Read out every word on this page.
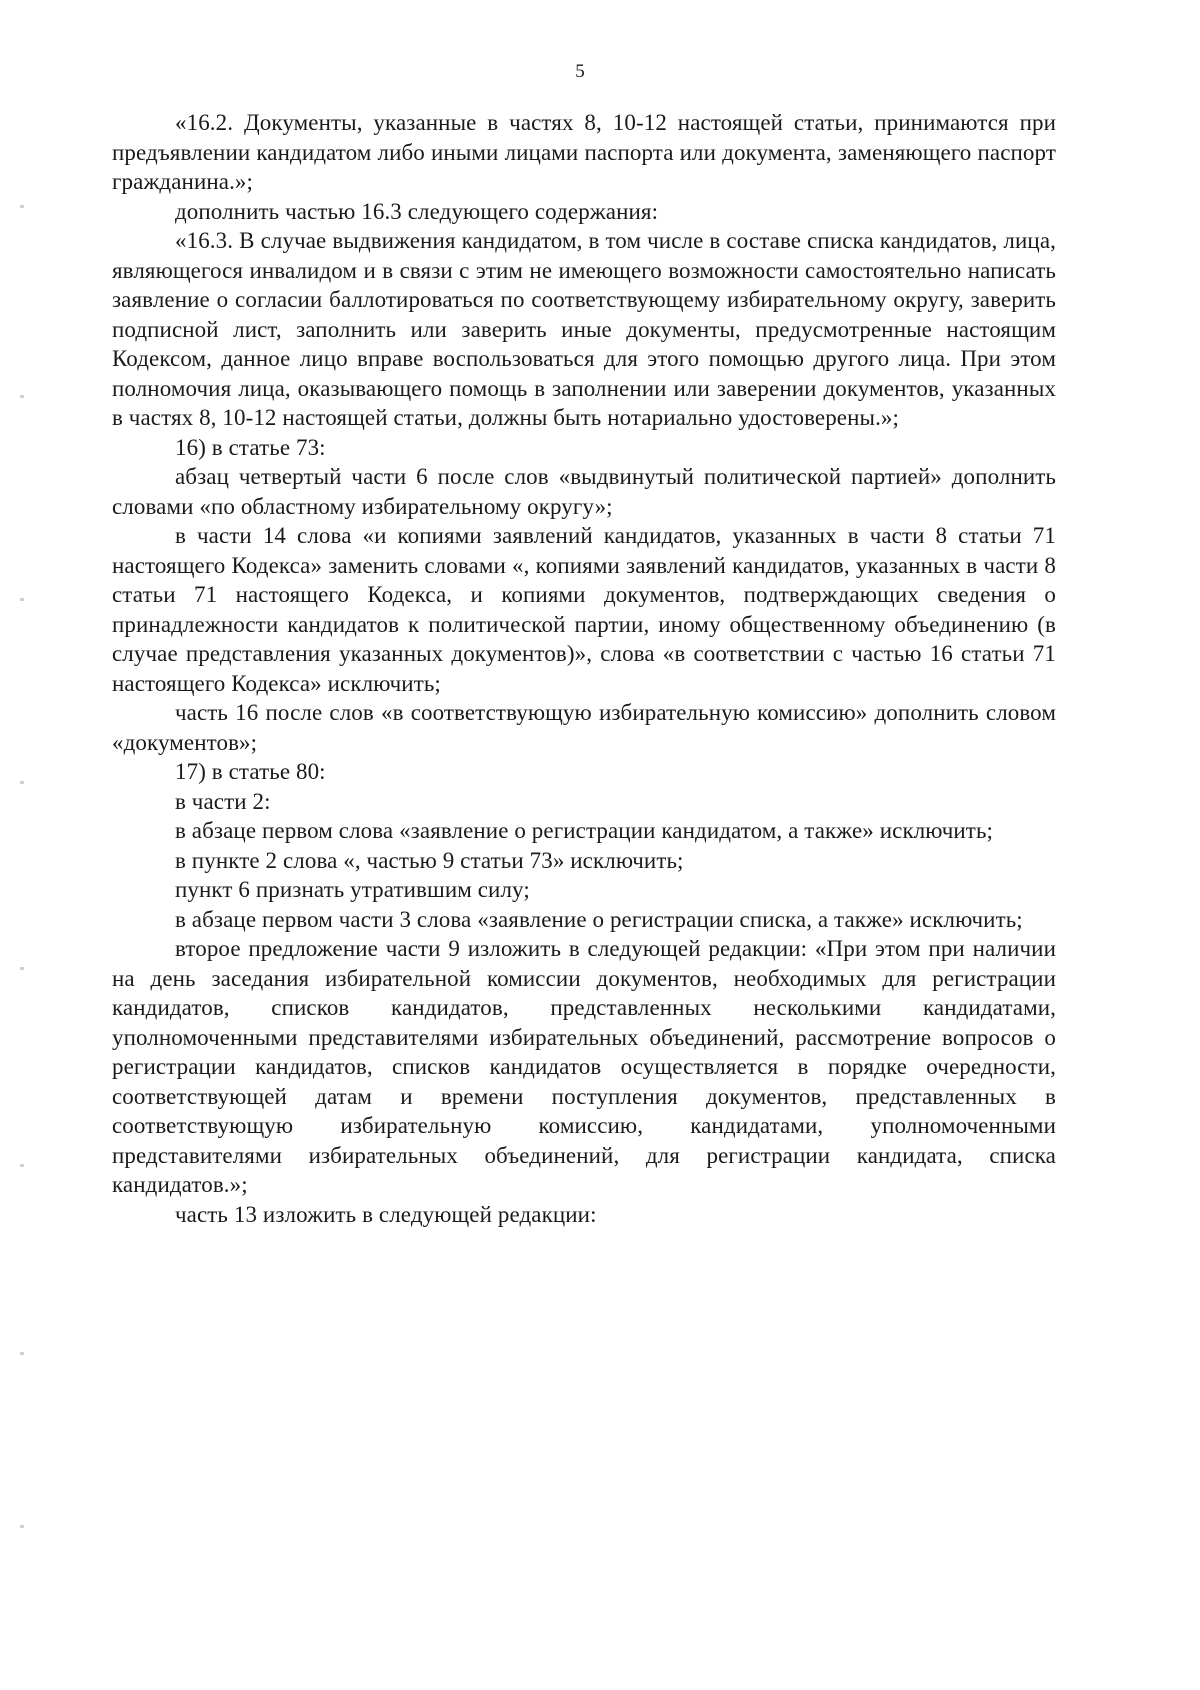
5

«16.2. Документы, указанные в частях 8, 10-12 настоящей статьи, принимаются при предъявлении кандидатом либо иными лицами паспорта или документа, заменяющего паспорт гражданина.»;

дополнить частью 16.3 следующего содержания:

«16.3. В случае выдвижения кандидатом, в том числе в составе списка кандидатов, лица, являющегося инвалидом и в связи с этим не имеющего возможности самостоятельно написать заявление о согласии баллотироваться по соответствующему избирательному округу, заверить подписной лист, заполнить или заверить иные документы, предусмотренные настоящим Кодексом, данное лицо вправе воспользоваться для этого помощью другого лица. При этом полномочия лица, оказывающего помощь в заполнении или заверении документов, указанных в частях 8, 10-12 настоящей статьи, должны быть нотариально удостоверены.»;

16) в статье 73:

абзац четвертый части 6 после слов «выдвинутый политической партией» дополнить словами «по областному избирательному округу»;

в части 14 слова «и копиями заявлений кандидатов, указанных в части 8 статьи 71 настоящего Кодекса» заменить словами «, копиями заявлений кандидатов, указанных в части 8 статьи 71 настоящего Кодекса, и копиями документов, подтверждающих сведения о принадлежности кандидатов к политической партии, иному общественному объединению (в случае представления указанных документов)», слова «в соответствии с частью 16 статьи 71 настоящего Кодекса» исключить;

часть 16 после слов «в соответствующую избирательную комиссию» дополнить словом «документов»;

17) в статье 80:

в части 2:

в абзаце первом слова «заявление о регистрации кандидатом, а также» исключить;

в пункте 2 слова «, частью 9 статьи 73» исключить;

пункт 6 признать утратившим силу;

в абзаце первом части 3 слова «заявление о регистрации списка, а также» исключить;

второе предложение части 9 изложить в следующей редакции: «При этом при наличии на день заседания избирательной комиссии документов, необходимых для регистрации кандидатов, списков кандидатов, представленных несколькими кандидатами, уполномоченными представителями избирательных объединений, рассмотрение вопросов о регистрации кандидатов, списков кандидатов осуществляется в порядке очередности, соответствующей датам и времени поступления документов, представленных в соответствующую избирательную комиссию, кандидатами, уполномоченными представителями избирательных объединений, для регистрации кандидата, списка кандидатов.»;

часть 13 изложить в следующей редакции:
